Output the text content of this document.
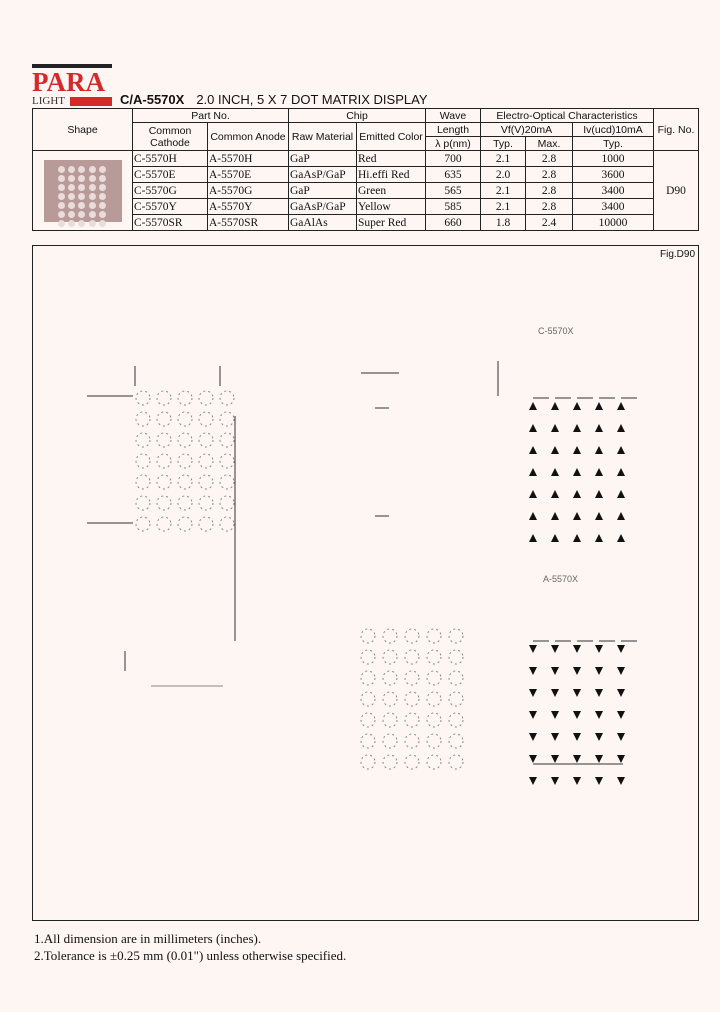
PARA
LIGHT	C/A-5570X 2.0 INCH, 5 X 7 DOT MATRIX DISPLAY
Shape	Part No.		Chip		Wave	Electro-Optical Characteristics			Fig. No.
	Common Cathode	Common Anode	Raw Material	Emitted Color	Length	Vf(V)20mA		Iv(ucd)10mA	
					λ p(nm)	Typ.	Max.	Typ.	

	C-5570H	A-5570H	GaP	Red	700	2.1	2.8	1000	D90
	C-5570E	A-5570E	GaAsP/GaP	Hi.effi Red	635	2.0	2.8	3600	
	C-5570G	A-5570G	GaP	Green	565	2.1	2.8	3400	
	C-5570Y	A-5570Y	GaAsP/GaP	Yellow	585	2.1	2.8	3400	
	C-5570SR	A-5570SR	GaAlAs	Super Red	660	1.8	2.4	10000	
Fig.D90
C-5570X
A-5570X
1.All dimension are in millimeters (inches).
2.Tolerance is ±0.25 mm (0.01") unless otherwise specified.
